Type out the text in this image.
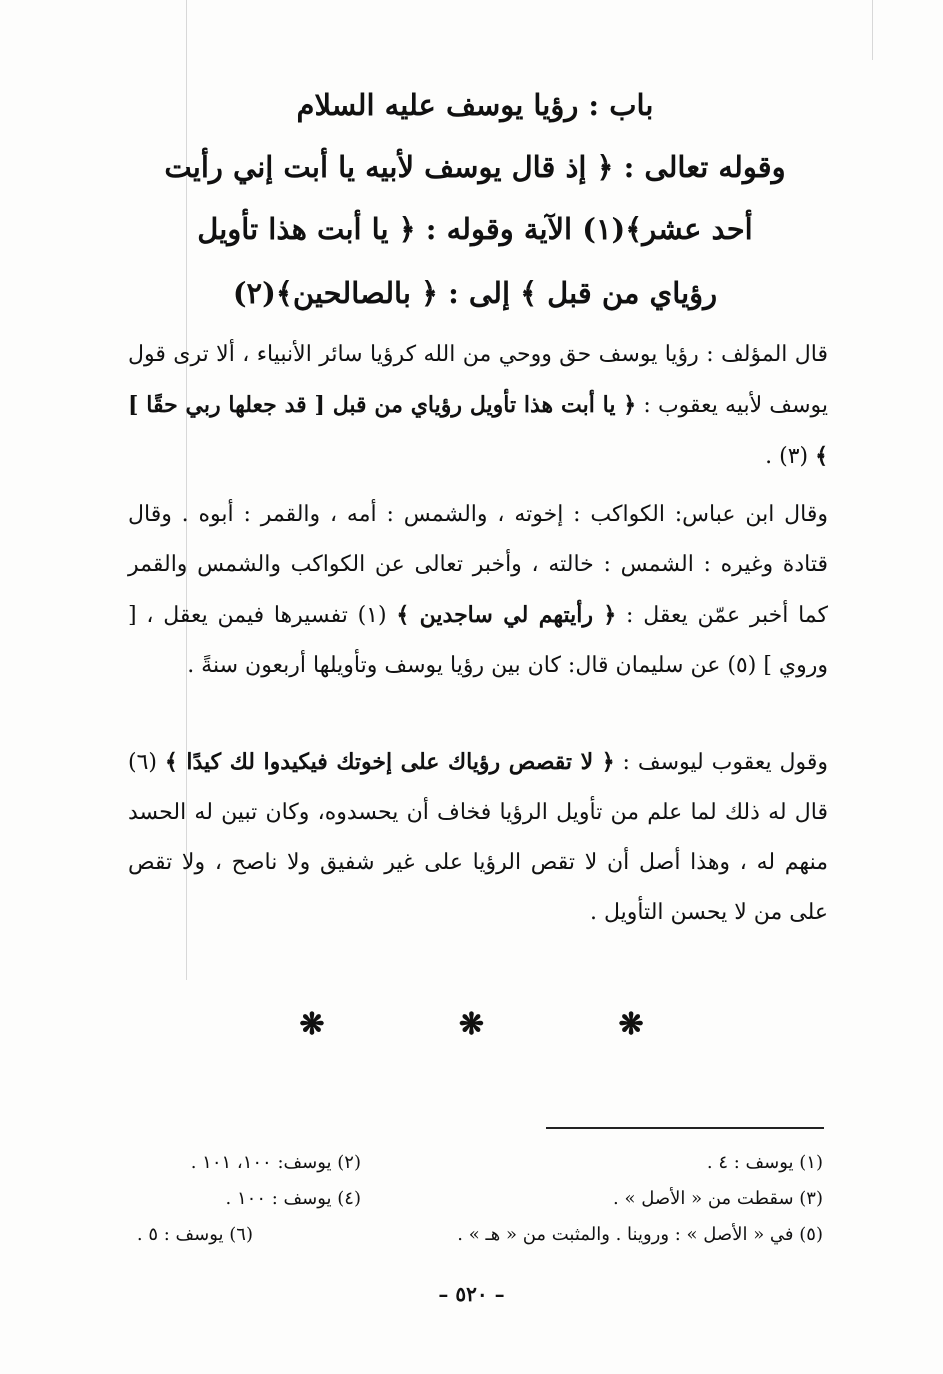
باب : رؤيا يوسف عليه السلام
وقوله تعالى : ﴿ إذ قال يوسف لأبيه يا أبت إني رأيت
أحد عشر﴾(١) الآية وقوله : ﴿ يا أبت هذا تأويل
رؤياي من قبل ﴾ إلى : ﴿ بالصالحين﴾(٢)
قال المؤلف : رؤيا يوسف حق ووحي من الله كرؤيا سائر الأنبياء ، ألا ترى قول يوسف لأبيه يعقوب : ﴿ يا أبت هذا تأويل رؤياي من قبل [ قد جعلها ربي حقًا ] ﴾ (٣) .
وقال ابن عباس: الكواكب : إخوته ، والشمس : أمه ، والقمر : أبوه . وقال قتادة وغيره : الشمس : خالته ، وأخبر تعالى عن الكواكب والشمس والقمر كما أخبر عمّن يعقل : ﴿ رأيتهم لي ساجدين ﴾ (١) تفسيرها فيمن يعقل ، [ وروي ] (٥) عن سليمان قال: كان بين رؤيا يوسف وتأويلها أربعون سنةً .
وقول يعقوب ليوسف : ﴿ لا تقصص رؤياك على إخوتك فيكيدوا لك كيدًا ﴾ (٦) قال له ذلك لما علم من تأويل الرؤيا فخاف أن يحسدوه، وكان تبين له الحسد منهم له ، وهذا أصل أن لا تقص الرؤيا على غير شفيق ولا ناصح ، ولا تقص على من لا يحسن التأويل .
❋ ❋ ❋
(١) يوسف : ٤ .
(٢) يوسف: ١٠٠، ١٠١ .
(٣) سقطت من « الأصل » .
(٤) يوسف : ١٠٠ .
(٥) في « الأصل » : وروينا . والمثبت من « هـ » .
(٦) يوسف : ٥ .
– ٥٢٠ –
